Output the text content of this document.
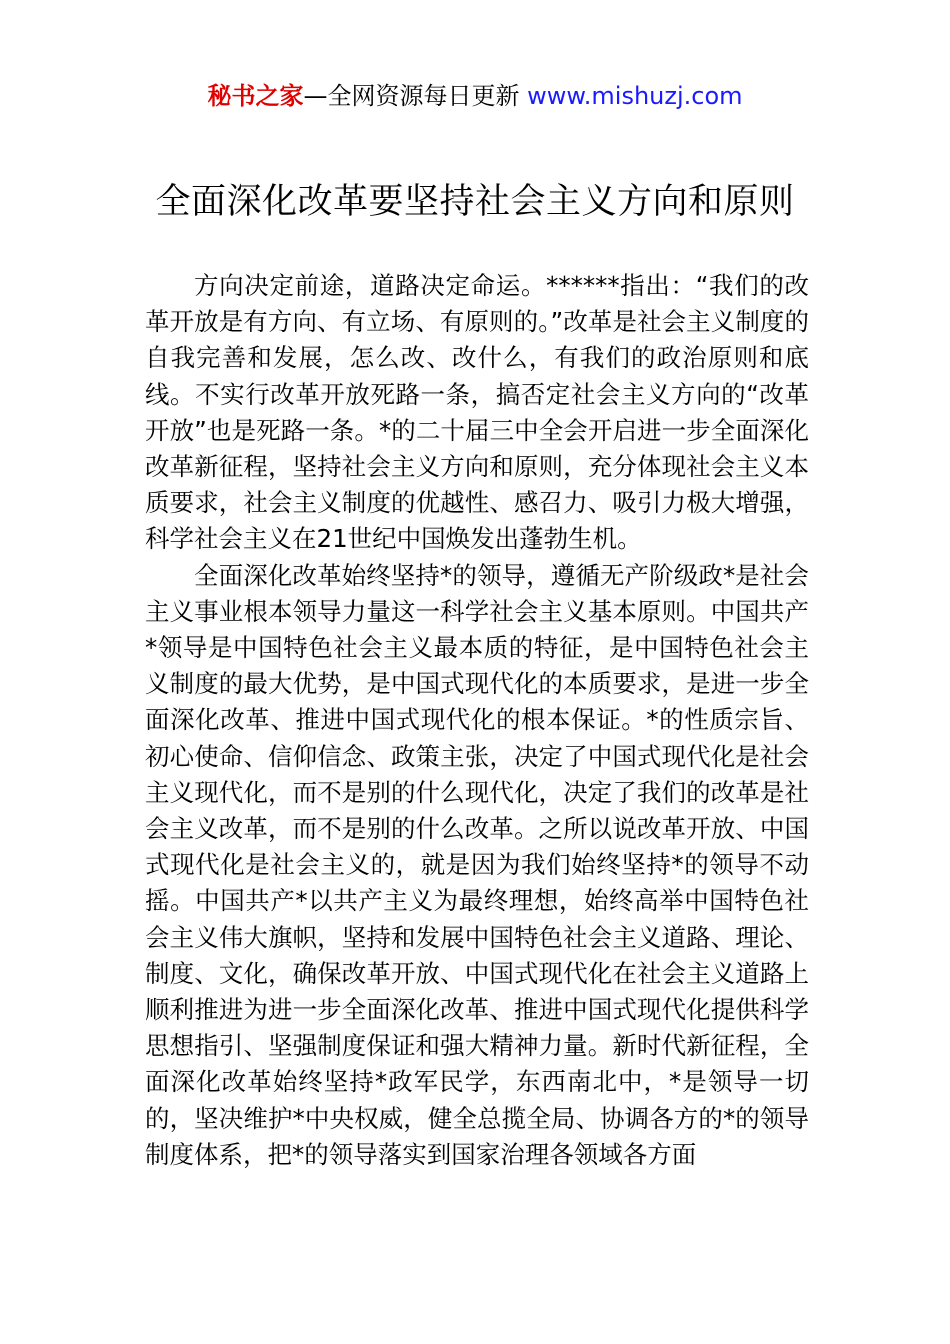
秘书之家—全网资源每日更新 www.mishuzj.com
全面深化改革要坚持社会主义方向和原则

方向决定前途，道路决定命运。******指出：“我们的改革开放是有方向、有立场、有原则的。”改革是社会主义制度的自我完善和发展，怎么改、改什么，有我们的政治原则和底线。不实行改革开放死路一条，搞否定社会主义方向的“改革开放”也是死路一条。*的二十届三中全会开启进一步全面深化改革新征程，坚持社会主义方向和原则，充分体现社会主义本质要求，社会主义制度的优越性、感召力、吸引力极大增强，科学社会主义在21世纪中国焕发出蓬勃生机。

全面深化改革始终坚持*的领导，遵循无产阶级政*是社会主义事业根本领导力量这一科学社会主义基本原则。中国共产*领导是中国特色社会主义最本质的特征，是中国特色社会主义制度的最大优势，是中国式现代化的本质要求，是进一步全面深化改革、推进中国式现代化的根本保证。*的性质宗旨、初心使命、信仰信念、政策主张，决定了中国式现代化是社会主义现代化，而不是别的什么现代化，决定了我们的改革是社会主义改革，而不是别的什么改革。之所以说改革开放、中国式现代化是社会主义的，就是因为我们始终坚持*的领导不动摇。中国共产*以共产主义为最终理想，始终高举中国特色社会主义伟大旗帜，坚持和发展中国特色社会主义道路、理论、制度、文化，确保改革开放、中国式现代化在社会主义道路上顺利推进为进一步全面深化改革、推进中国式现代化提供科学思想指引、坚强制度保证和强大精神力量。新时代新征程，全面深化改革始终坚持*政军民学，东西南北中，*是领导一切的，坚决维护*中央权威，健全总揽全局、协调各方的*的领导制度体系，把*的领导落实到国家治理各领域各方面
